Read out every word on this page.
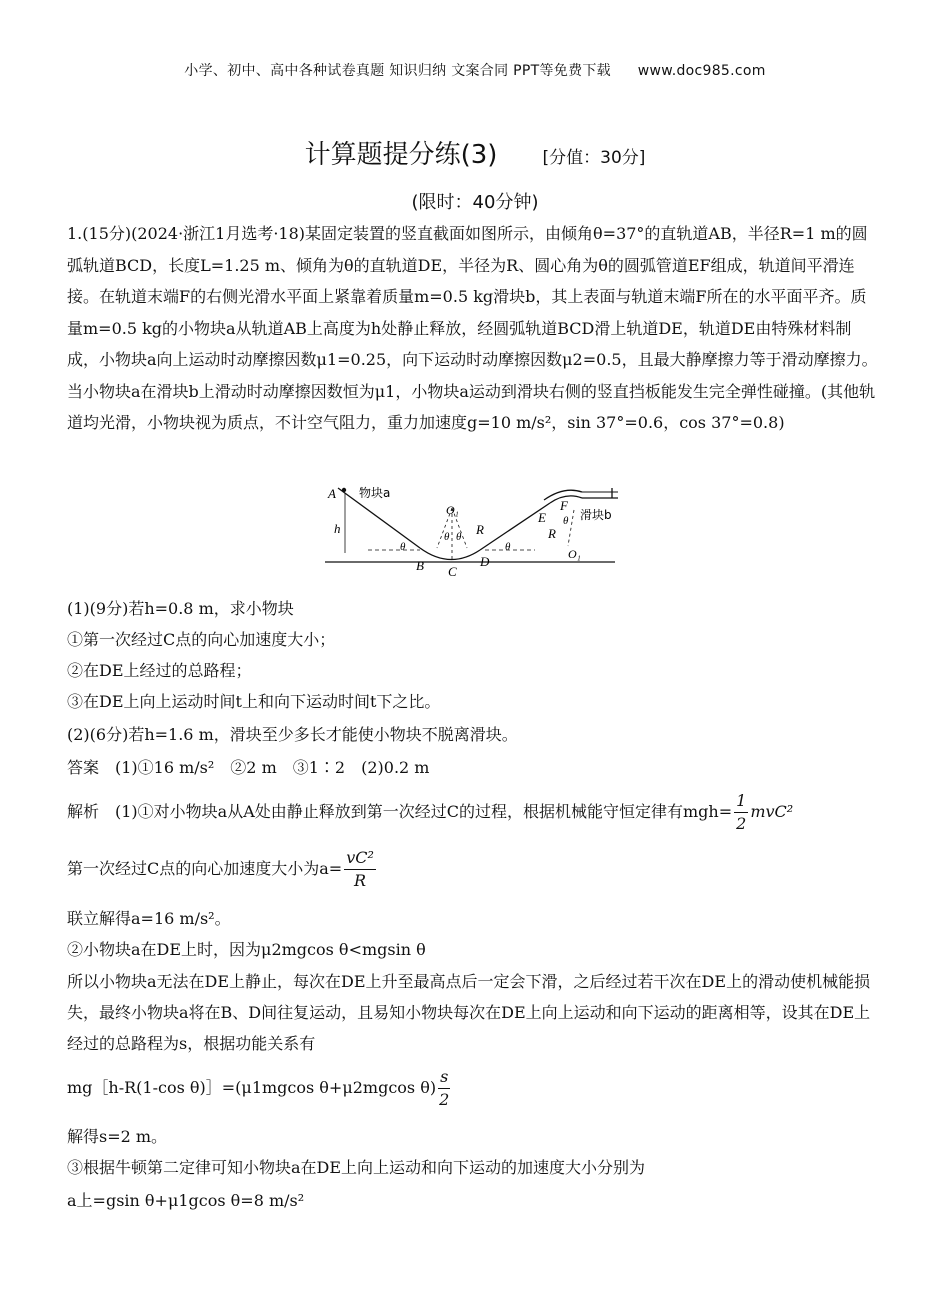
小学、初中、高中各种试卷真题 知识归纳 文案合同 PPT等免费下载 www.doc985.com
计算题提分练(3)	[分值：30分]
(限时：40分钟)
1.(15分)(2024·浙江1月选考·18)某固定装置的竖直截面如图所示，由倾角θ=37°的直轨道AB，半径R=1 m的圆弧轨道BCD，长度L=1.25 m、倾角为θ的直轨道DE，半径为R、圆心角为θ的圆弧管道EF组成，轨道间平滑连接。在轨道末端F的右侧光滑水平面上紧靠着质量m=0.5 kg滑块b，其上表面与轨道末端F所在的水平面平齐。质量m=0.5 kg的小物块a从轨道AB上高度为h处静止释放，经圆弧轨道BCD滑上轨道DE，轨道DE由特殊材料制成，小物块a向上运动时动摩擦因数μ1=0.25，向下运动时动摩擦因数μ2=0.5，且最大静摩擦力等于滑动摩擦力。当小物块a在滑块b上滑动时动摩擦因数恒为μ1，小物块a运动到滑块右侧的竖直挡板能发生完全弹性碰撞。(其他轨道均光滑，小物块视为质点，不计空气阻力，重力加速度g=10 m/s²，sin 37°=0.6，cos 37°=0.8)
A 物块a
h
θ
B C
D
O₁
θ θ R
θ
E
F
θ
R
O₁
滑块b
(1)(9分)若h=0.8 m，求小物块
①第一次经过C点的向心加速度大小；
②在DE上经过的总路程；
③在DE上向上运动时间t上和向下运动时间t下之比。
(2)(6分)若h=1.6 m，滑块至少多长才能使小物块不脱离滑块。
答案　(1)①16 m/s²　②2 m　③1∶2　(2)0.2 m
解析　(1)①对小物块a从A处由静止释放到第一次经过C的过程，根据机械能守恒定律有$mgh= \frac{1}{2} mvC^2$
第一次经过C点的向心加速度大小为$a= \frac{\text{vC²}}{R}$
联立解得a=16 m/s²。
②小物块a在DE上时，因为μ2mgcos θ<mgsin θ
所以小物块a无法在DE上静止，每次在DE上升至最高点后一定会下滑，之后经过若干次在DE上的滑动使机械能损失，最终小物块a将在B、D间往复运动，且易知小物块每次在DE上向上运动和向下运动的距离相等，设其在DE上经过的总路程为s，根据功能关系有
mg［h-R(1-cos θ)］=(μ1mgcos θ+μ2mgcos $\theta) \frac{s}{2}$
解得s=2 m。
③根据牛顿第二定律可知小物块a在DE上向上运动和向下运动的加速度大小分别为
a上=gsin θ+μ1gcos θ=8 m/s²
